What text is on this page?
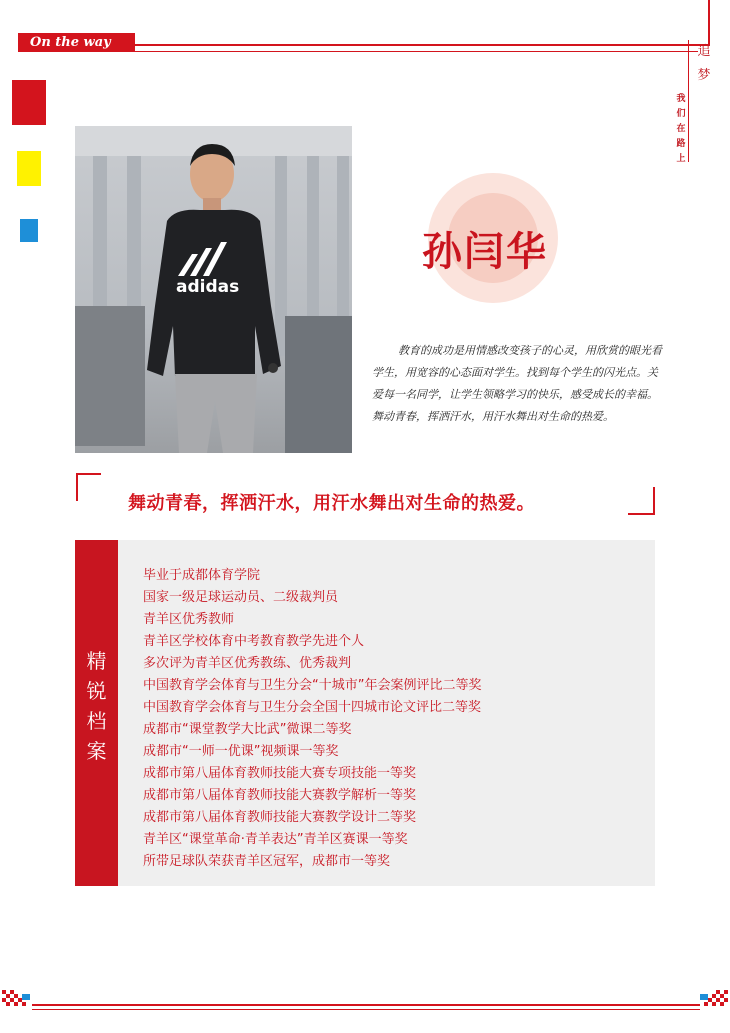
On the way
追
梦
我
们
在
路
上
adidas
孙闫华
教育的成功是用情感改变孩子的心灵，用欣赏的眼光看学生，用宽容的心态面对学生。找到每个学生的闪光点。关爱每一名同学，让学生领略学习的快乐，感受成长的幸福。舞动青春，挥洒汗水，用汗水舞出对生命的热爱。
舞动青春，挥洒汗水，用汗水舞出对生命的热爱。
精
锐
档
案
毕业于成都体育学院
国家一级足球运动员、二级裁判员
青羊区优秀教师
青羊区学校体育中考教育教学先进个人
多次评为青羊区优秀教练、优秀裁判
中国教育学会体育与卫生分会“十城市”年会案例评比二等奖
中国教育学会体育与卫生分会全国十四城市论文评比二等奖
成都市“课堂教学大比武”微课二等奖
成都市“一师一优课”视频课一等奖
成都市第八届体育教师技能大赛专项技能一等奖
成都市第八届体育教师技能大赛教学解析一等奖
成都市第八届体育教师技能大赛教学设计二等奖
青羊区“课堂革命·青羊表达”青羊区赛课一等奖
所带足球队荣获青羊区冠军，成都市一等奖
